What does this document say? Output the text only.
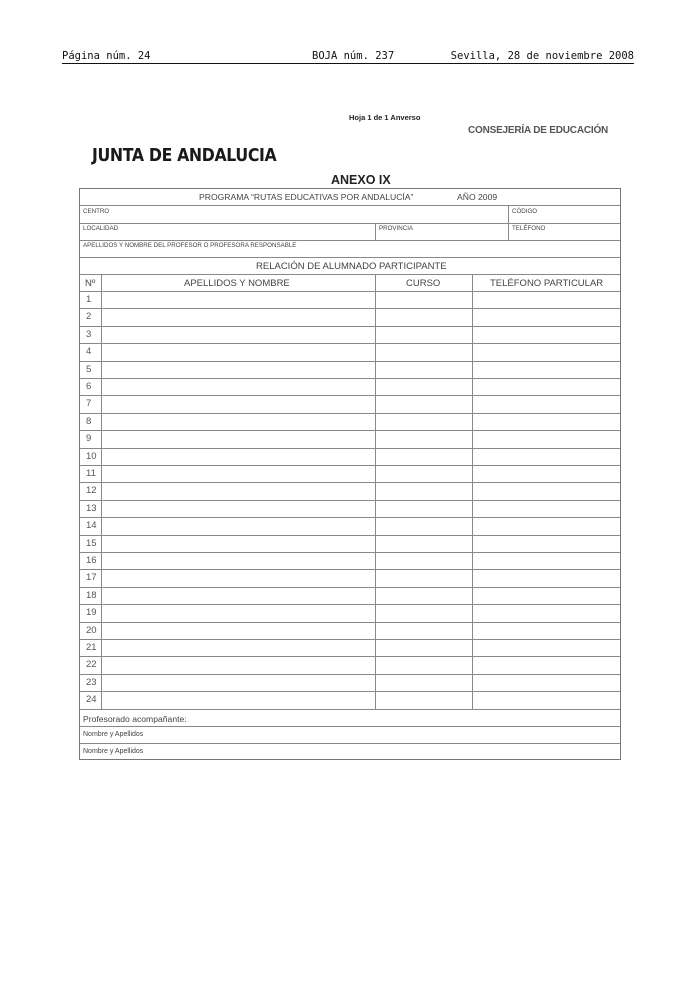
Página núm. 24	BOJA núm. 237	Sevilla, 28 de noviembre 2008
Hoja 1 de 1 Anverso
CONSEJERÍA DE EDUCACIÓN
JUNTA DE ANDALUCIA
ANEXO IX
PROGRAMA “RUTAS EDUCATIVAS POR ANDALUCÍA”	AÑO 2009
CENTRO	CÓDIGO
LOCALIDAD	PROVINCIA	TELÉFONO
APELLIDOS Y NOMBRE DEL PROFESOR O PROFESORA RESPONSABLE
RELACIÓN DE ALUMNADO PARTICIPANTE
Nº	APELLIDOS Y NOMBRE	CURSO	TELÉFONO PARTICULAR
1
2
3
4
5
6
7
8
9
10
11
12
13
14
15
16
17
18
19
20
21
22
23
24
Profesorado acompañante:
Nombre y Apellidos
Nombre y Apellidos
